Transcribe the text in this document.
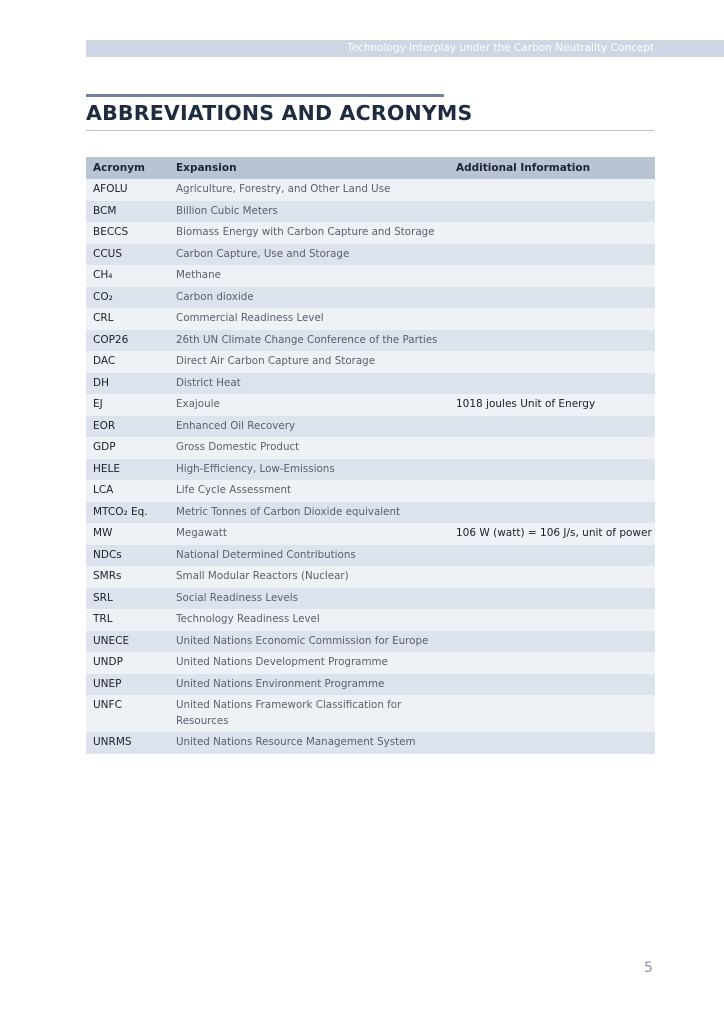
Technology Interplay under the Carbon Neutrality Concept
ABBREVIATIONS AND ACRONYMS
Acronym	Expansion	Additional Information
AFOLU	Agriculture, Forestry, and Other Land Use	
BCM	Billion Cubic Meters	
BECCS	Biomass Energy with Carbon Capture and Storage	
CCUS	Carbon Capture, Use and Storage	
CH₄	Methane	
CO₂	Carbon dioxide	
CRL	Commercial Readiness Level	
COP26	26th UN Climate Change Conference of the Parties	
DAC	Direct Air Carbon Capture and Storage	
DH	District Heat	
EJ	Exajoule	1018 joules Unit of Energy
EOR	Enhanced Oil Recovery	
GDP	Gross Domestic Product	
HELE	High-Efficiency, Low-Emissions	
LCA	Life Cycle Assessment	
MTCO₂ Eq.	Metric Tonnes of Carbon Dioxide equivalent	
MW	Megawatt	106 W (watt) = 106 J/s, unit of power
NDCs	National Determined Contributions	
SMRs	Small Modular Reactors (Nuclear)	
SRL	Social Readiness Levels	
TRL	Technology Readiness Level	
UNECE	United Nations Economic Commission for Europe	
UNDP	United Nations Development Programme	
UNEP	United Nations Environment Programme	
UNFC	United Nations Framework Classification for Resources	
UNRMS	United Nations Resource Management System	
5
